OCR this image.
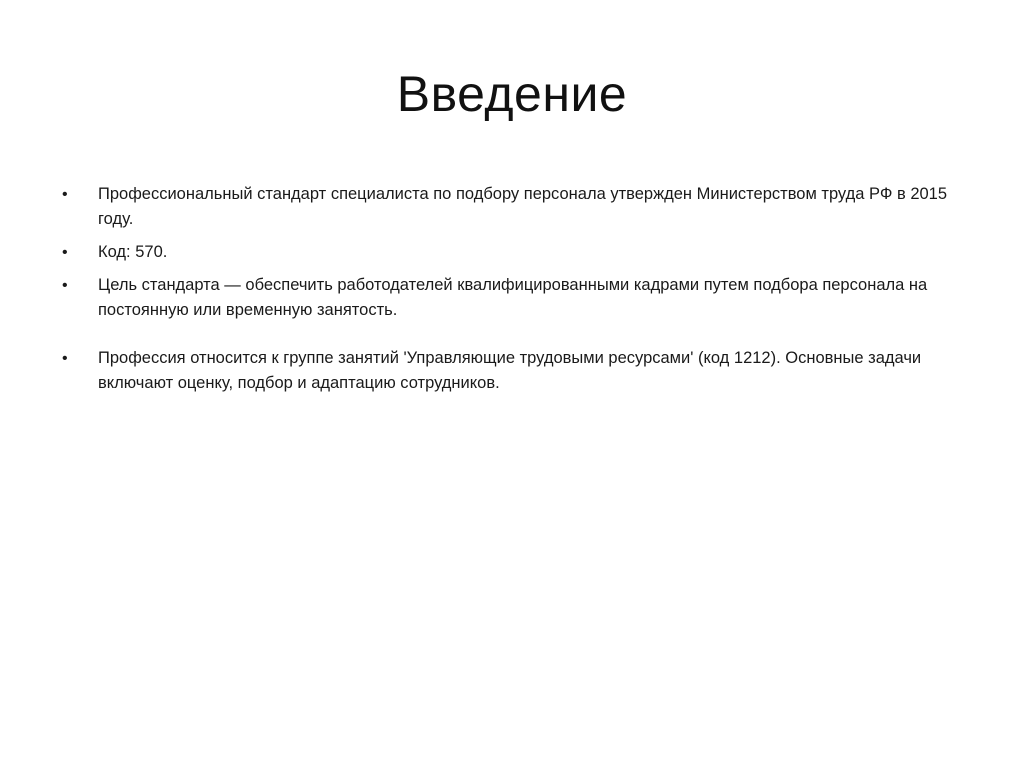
Введение
•	Профессиональный стандарт специалиста по подбору персонала утвержден Министерством труда РФ в 2015 году.
•	Код: 570.
•	Цель стандарта — обеспечить работодателей квалифицированными кадрами путем подбора персонала на постоянную или временную занятость.
•	Профессия относится к группе занятий 'Управляющие трудовыми ресурсами' (код 1212). Основные задачи включают оценку, подбор и адаптацию сотрудников.
